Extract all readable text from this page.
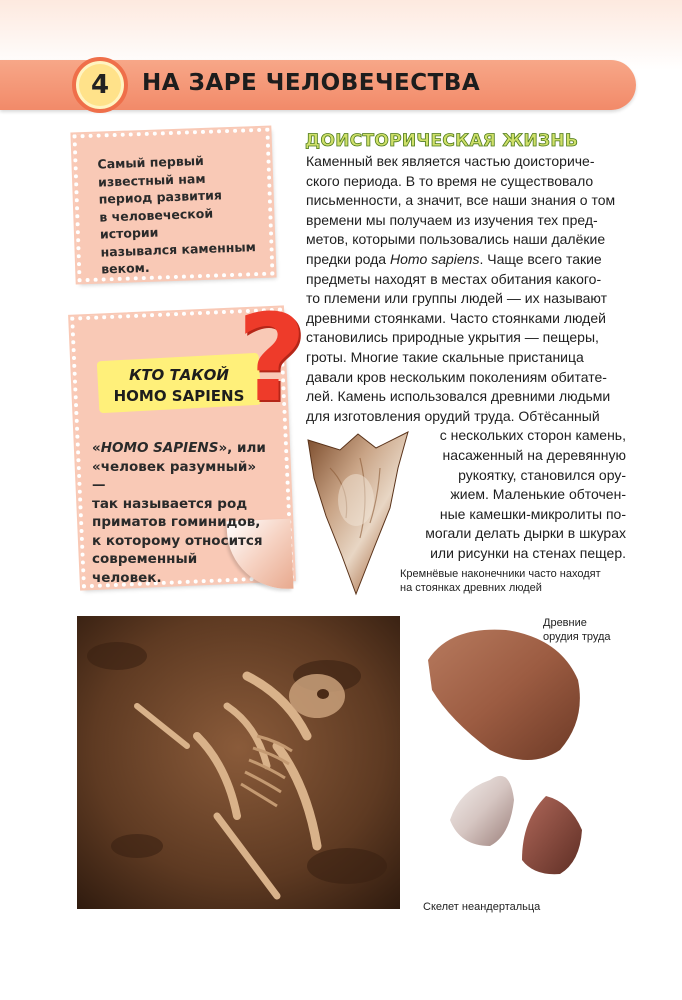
4	НА ЗАРЕ ЧЕЛОВЕЧЕСТВА
Самый первый
известный нам
период развития
в человеческой истории
назывался каменным
веком.
КТО ТАКОЙ
HOMO SAPIENS
?
«HOMO SAPIENS», или
«человек разумный» —
так называется род
приматов гоминидов,
к которому относится
современный
человек.
ДОИСТОРИЧЕСКАЯ ЖИЗНЬ
Каменный век является частью доисториче-
ского периода. В то время не существовало
письменности, а значит, все наши знания о том
времени мы получаем из изучения тех пред-
метов, которыми пользовались наши далёкие
предки рода Homo sapiens. Чаще всего такие
предметы находят в местах обитания какого-
то племени или группы людей — их называют
древними стоянками. Часто стоянками людей
становились природные укрытия — пещеры,
гроты. Многие такие скальные пристаница
давали кров нескольким поколениям обитате-
лей. Камень использовался древними людьми
для изготовления орудий труда. Обтёсанный
с нескольких сторон камень,
насаженный на деревянную
рукоятку, становился ору-
жием. Маленькие обточен-
ные камешки-микролиты по-
могали делать дырки в шкурах
или рисунки на стенах пещер.
Кремнёвые наконечники часто находят
на стоянках древних людей
Скелет неандертальца
Древние
орудия труда
